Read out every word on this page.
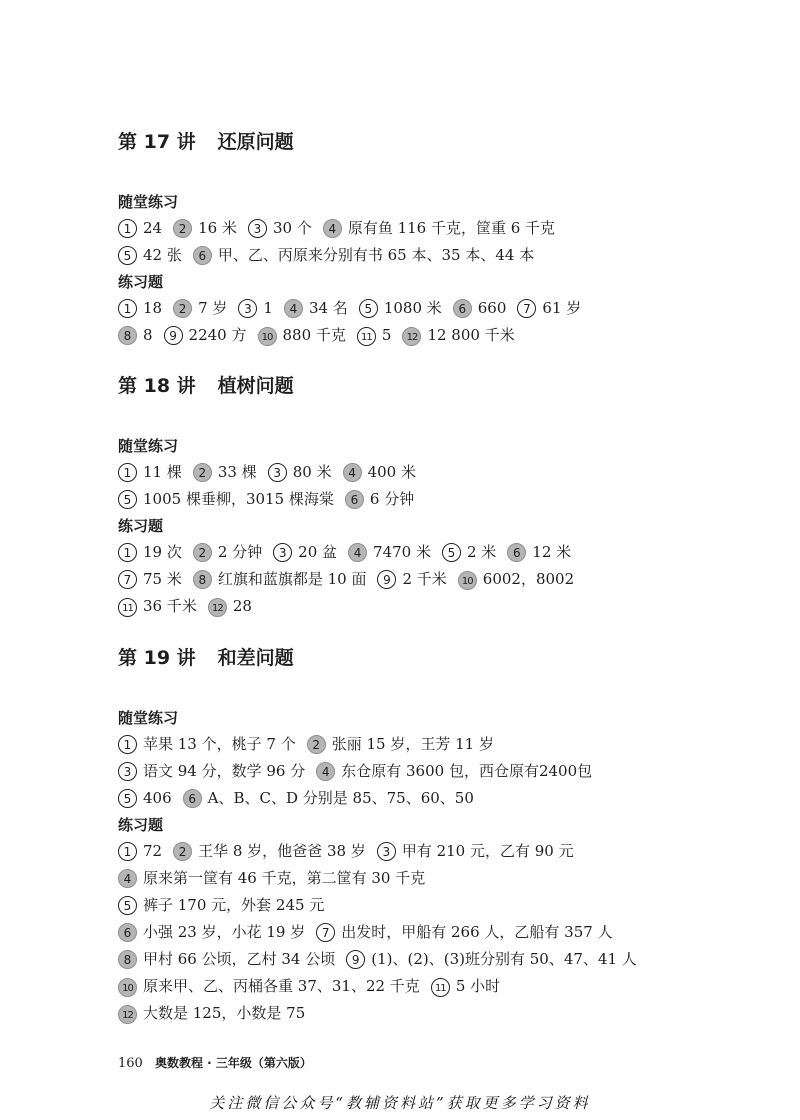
第 17 讲 还原问题
随堂练习
1 24 2 16 米 3 30 个 4 原有鱼 116 千克，筐重 6 千克
5 42 张 6 甲、乙、丙原来分别有书 65 本、35 本、44 本
练习题
1 18 2 7 岁 3 1 4 34 名 5 1080 米 6 660 7 61 岁
8 8 9 2240 方 10 880 千克 11 5 12 12 800 千米
第 18 讲 植树问题
随堂练习
1 11 棵 2 33 棵 3 80 米 4 400 米
5 1005 棵垂柳，3015 棵海棠 6 6 分钟
练习题
1 19 次 2 2 分钟 3 20 盆 4 7470 米 5 2 米 6 12 米
7 75 米 8 红旗和蓝旗都是 10 面 9 2 千米 10 6002，8002
11 36 千米 12 28
第 19 讲 和差问题
随堂练习
1 苹果 13 个，桃子 7 个 2 张丽 15 岁，王芳 11 岁
3 语文 94 分，数学 96 分 4 东仓原有 3600 包，西仓原有2400包
5 406 6 A、B、C、D 分别是 85、75、60、50
练习题
1 72 2 王华 8 岁，他爸爸 38 岁 3 甲有 210 元，乙有 90 元
4 原来第一筐有 46 千克，第二筐有 30 千克
5 裤子 170 元，外套 245 元
6 小强 23 岁，小花 19 岁 7 出发时，甲船有 266 人，乙船有 357 人
8 甲村 66 公顷，乙村 34 公顷 9 (1)、(2)、(3)班分别有 50、47、41 人
10 原来甲、乙、丙桶各重 37、31、22 千克 11 5 小时
12 大数是 125，小数是 75
160 奥数教程 · 三年级（第六版）
关注微信公众号“教辅资料站”获取更多学习资料
